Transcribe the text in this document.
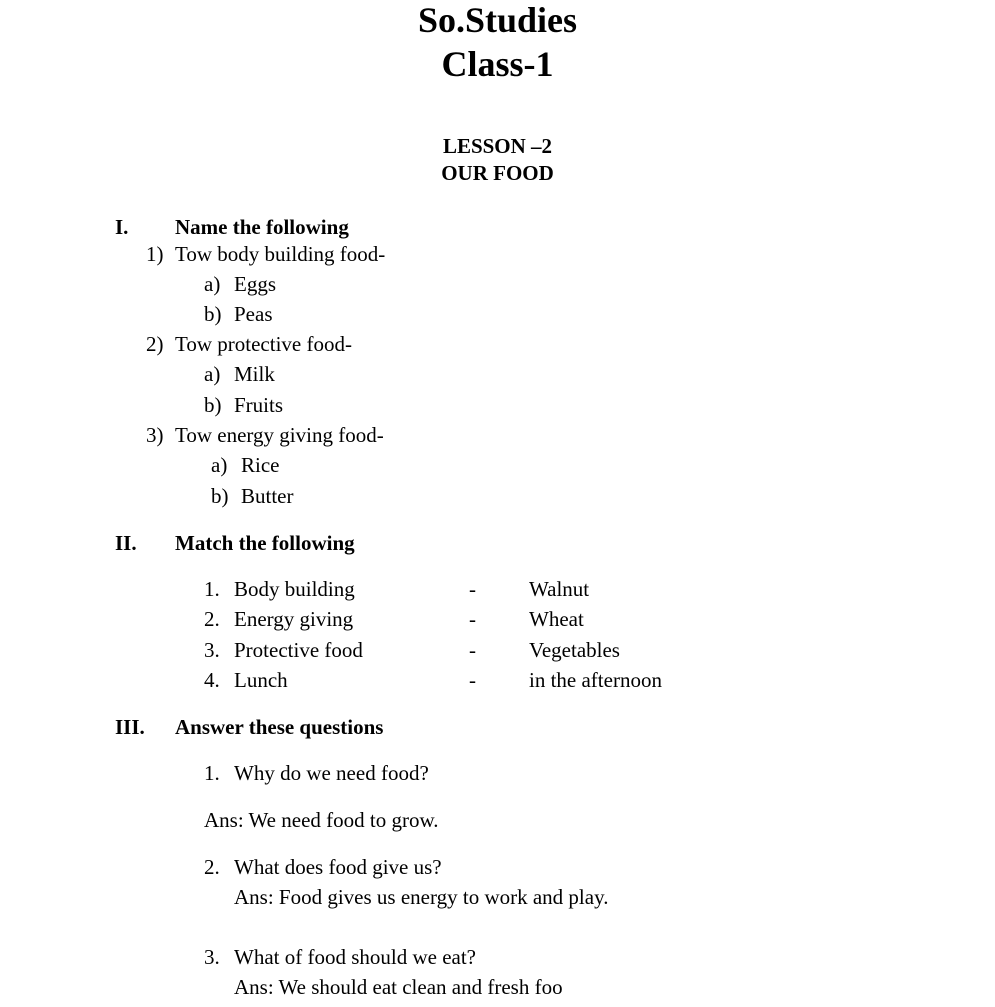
So.Studies
Class-1
LESSON –2
OUR FOOD
I. Name the following
1) Tow body building food-
a) Eggs
b) Peas
2) Tow protective food-
a) Milk
b) Fruits
3) Tow energy giving food-
a) Rice
b) Butter
II. Match the following
1. Body building	-	Walnut
2. Energy giving	-	Wheat
3. Protective food	-	Vegetables
4. Lunch	-	in the afternoon
III. Answer these questions
1. Why do we need food?
Ans: We need food to grow.
2. What does food give us?
Ans: Food gives us energy to work and play.
3. What of food should we eat?
Ans: We should eat clean and fresh foo
